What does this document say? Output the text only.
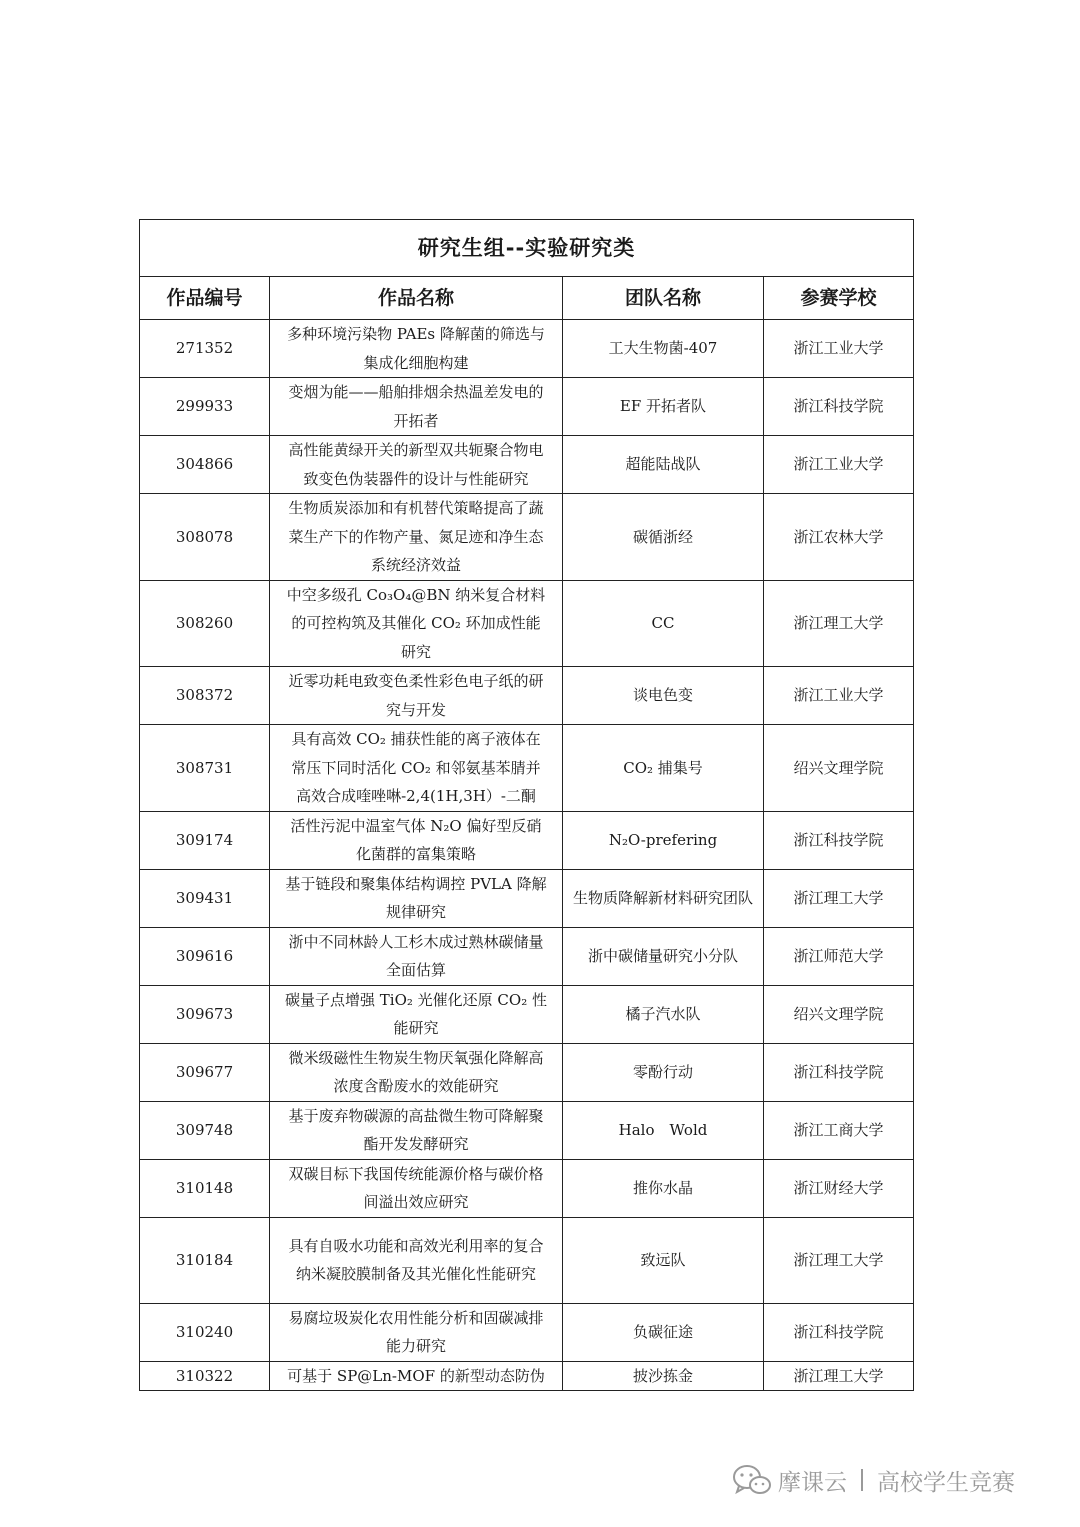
研究生组--实验研究类			
作品编号	作品名称	团队名称	参赛学校
271352	多种环境污染物 PAEs 降解菌的筛选与集成化细胞构建	工大生物菌-407	浙江工业大学
299933	变烟为能——船舶排烟余热温差发电的开拓者	EF 开拓者队	浙江科技学院
304866	高性能黄绿开关的新型双共轭聚合物电致变色伪装器件的设计与性能研究	超能陆战队	浙江工业大学
308078	生物质炭添加和有机替代策略提高了蔬菜生产下的作物产量、氮足迹和净生态系统经济效益	碳循浙经	浙江农林大学
308260	中空多级孔 Co₃O₄@BN 纳米复合材料的可控构筑及其催化 CO₂ 环加成性能研究	CC	浙江理工大学
308372	近零功耗电致变色柔性彩色电子纸的研究与开发	谈电色变	浙江工业大学
308731	具有高效 CO₂ 捕获性能的离子液体在常压下同时活化 CO₂ 和邻氨基苯腈并高效合成喹唑啉-2,4(1H,3H）-二酮	CO₂ 捕集号	绍兴文理学院
309174	活性污泥中温室气体 N₂O 偏好型反硝化菌群的富集策略	N₂O-prefering	浙江科技学院
309431	基于链段和聚集体结构调控 PVLA 降解规律研究	生物质降解新材料研究团队	浙江理工大学
309616	浙中不同林龄人工杉木成过熟林碳储量全面估算	浙中碳储量研究小分队	浙江师范大学
309673	碳量子点增强 TiO₂ 光催化还原 CO₂ 性能研究	橘子汽水队	绍兴文理学院
309677	微米级磁性生物炭生物厌氧强化降解高浓度含酚废水的效能研究	零酚行动	浙江科技学院
309748	基于废弃物碳源的高盐微生物可降解聚酯开发发酵研究	Halo　Wold	浙江工商大学
310148	双碳目标下我国传统能源价格与碳价格间溢出效应研究	推你水晶	浙江财经大学
310184	具有自吸水功能和高效光利用率的复合纳米凝胶膜制备及其光催化性能研究	致远队	浙江理工大学
310240	易腐垃圾炭化农用性能分析和固碳减排能力研究	负碳征途	浙江科技学院
310322	可基于 SP@Ln-MOF 的新型动态防伪	披沙拣金	浙江理工大学
摩课云 高校学生竞赛
